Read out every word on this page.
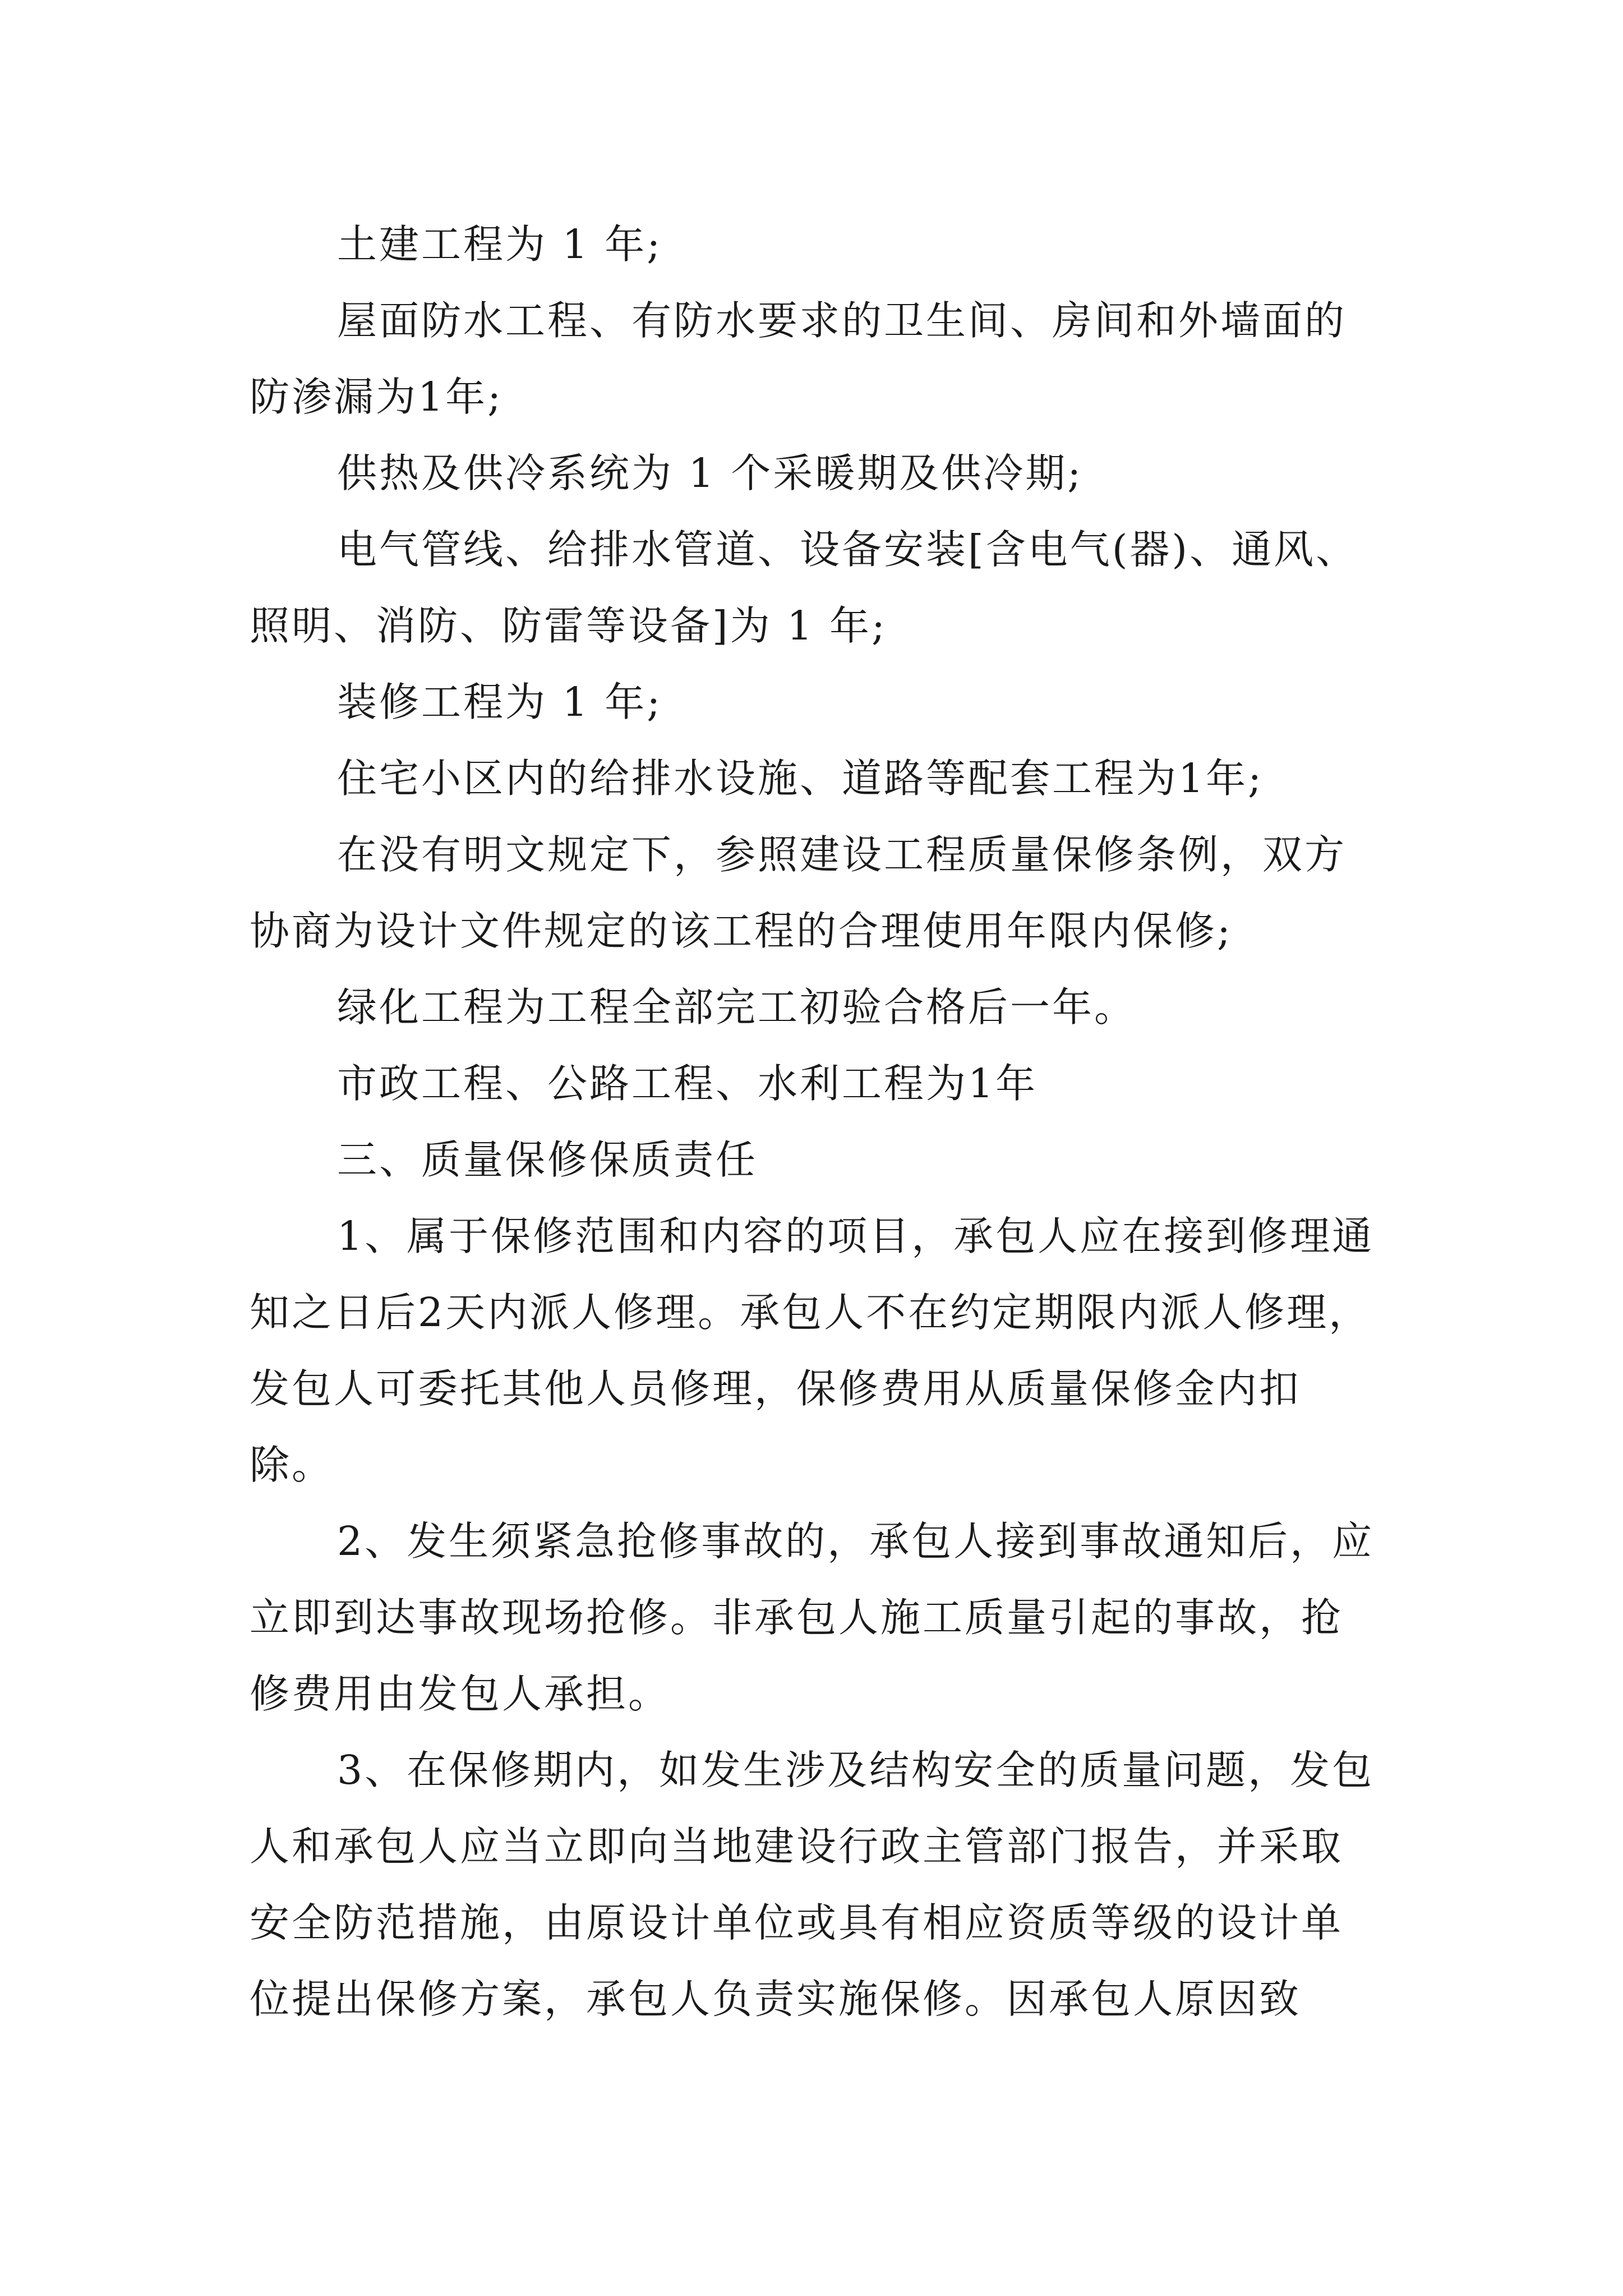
土建工程为 1 年;

屋面防水工程、有防水要求的卫生间、房间和外墙面的防渗漏为1年;

供热及供冷系统为 1 个采暖期及供冷期;

电气管线、给排水管道、设备安装[含电气(器)、通风、照明、消防、防雷等设备]为 1 年;

装修工程为 1 年;

住宅小区内的给排水设施、道路等配套工程为1年;

在没有明文规定下，参照建设工程质量保修条例，双方协商为设计文件规定的该工程的合理使用年限内保修;

绿化工程为工程全部完工初验合格后一年。

市政工程、公路工程、水利工程为1年

三、质量保修保质责任

1、属于保修范围和内容的项目，承包人应在接到修理通知之日后2天内派人修理。承包人不在约定期限内派人修理，发包人可委托其他人员修理，保修费用从质量保修金内扣除。

2、发生须紧急抢修事故的，承包人接到事故通知后，应立即到达事故现场抢修。非承包人施工质量引起的事故，抢修费用由发包人承担。

3、在保修期内，如发生涉及结构安全的质量问题，发包人和承包人应当立即向当地建设行政主管部门报告，并采取安全防范措施，由原设计单位或具有相应资质等级的设计单位提出保修方案，承包人负责实施保修。因承包人原因致
